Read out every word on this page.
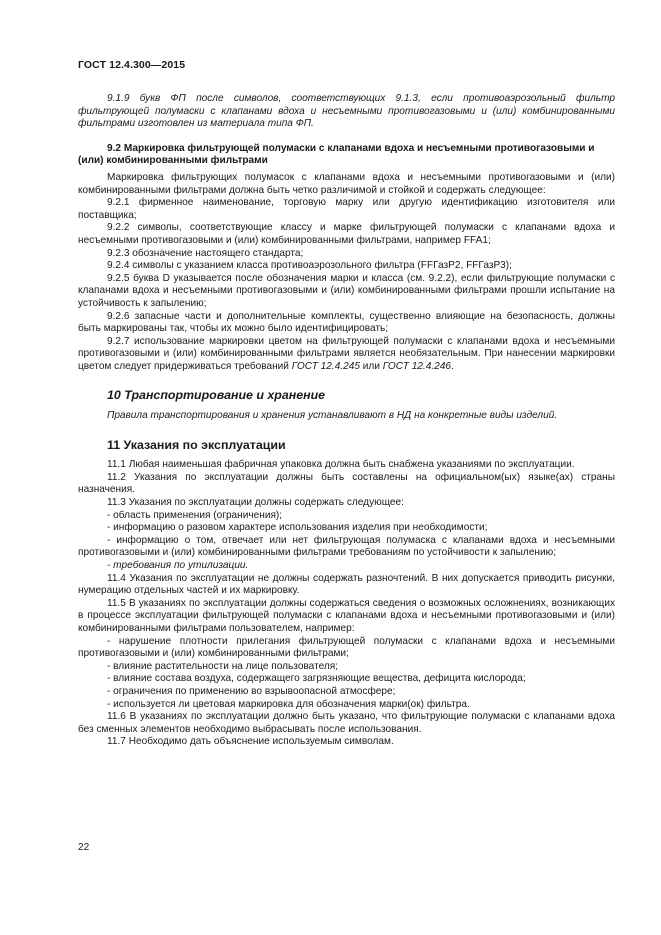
ГОСТ 12.4.300—2015

9.1.9 букв ФП после символов, соответствующих 9.1.3, если противоаэрозольный фильтр фильтрующей полумаски с клапанами вдоха и несъемными противогазовыми и (или) комбинированными фильтрами изготовлен из материала типа ФП.

9.2 Маркировка фильтрующей полумаски с клапанами вдоха и несъемными противогазовыми и (или) комбинированными фильтрами

Маркировка фильтрующих полумасок с клапанами вдоха и несъемными противогазовыми и (или) комбинированными фильтрами должна быть четко различимой и стойкой и содержать следующее:

9.2.1 фирменное наименование, торговую марку или другую идентификацию изготовителя или поставщика;

9.2.2 символы, соответствующие классу и марке фильтрующей полумаски с клапанами вдоха и несъемными противогазовыми и (или) комбинированными фильтрами, например FFA1;

9.2.3 обозначение настоящего стандарта;

9.2.4 символы с указанием класса противоаэрозольного фильтра (FFГазР2, FFГазР3);

9.2.5 буква D указывается после обозначения марки и класса (см. 9.2.2), если фильтрующие полумаски с клапанами вдоха и несъемными противогазовыми и (или) комбинированными фильтрами прошли испытание на устойчивость к запылению;

9.2.6 запасные части и дополнительные комплекты, существенно влияющие на безопасность, должны быть маркированы так, чтобы их можно было идентифицировать;

9.2.7 использование маркировки цветом на фильтрующей полумаски с клапанами вдоха и несъемными противогазовыми и (или) комбинированными фильтрами является необязательным. При нанесении маркировки цветом следует придерживаться требований ГОСТ 12.4.245 или ГОСТ 12.4.246.

10 Транспортирование и хранение

Правила транспортирования и хранения устанавливают в НД на конкретные виды изделий.

11 Указания по эксплуатации

11.1 Любая наименьшая фабричная упаковка должна быть снабжена указаниями по эксплуатации.

11.2 Указания по эксплуатации должны быть составлены на официальном(ых) языке(ах) страны назначения.

11.3 Указания по эксплуатации должны содержать следующее:

- область применения (ограничения);

- информацию о разовом характере использования изделия при необходимости;

- информацию о том, отвечает или нет фильтрующая полумаска с клапанами вдоха и несъемными противогазовыми и (или) комбинированными фильтрами требованиям по устойчивости к запылению;

- требования по утилизации.

11.4 Указания по эксплуатации не должны содержать разночтений. В них допускается приводить рисунки, нумерацию отдельных частей и их маркировку.

11.5 В указаниях по эксплуатации должны содержаться сведения о возможных осложнениях, возникающих в процессе эксплуатации фильтрующей полумаски с клапанами вдоха и несъемными противогазовыми и (или) комбинированными фильтрами пользователем, например:

- нарушение плотности прилегания фильтрующей полумаски с клапанами вдоха и несъемными противогазовыми и (или) комбинированными фильтрами;

- влияние растительности на лице пользователя;

- влияние состава воздуха, содержащего загрязняющие вещества, дефицита кислорода;

- ограничения по применению во взрывоопасной атмосфере;

- используется ли цветовая маркировка для обозначения марки(ок) фильтра.

11.6 В указаниях по эксплуатации должно быть указано, что фильтрующие полумаски с клапанами вдоха без сменных элементов необходимо выбрасывать после использования.

11.7 Необходимо дать объяснение используемым символам.

22
